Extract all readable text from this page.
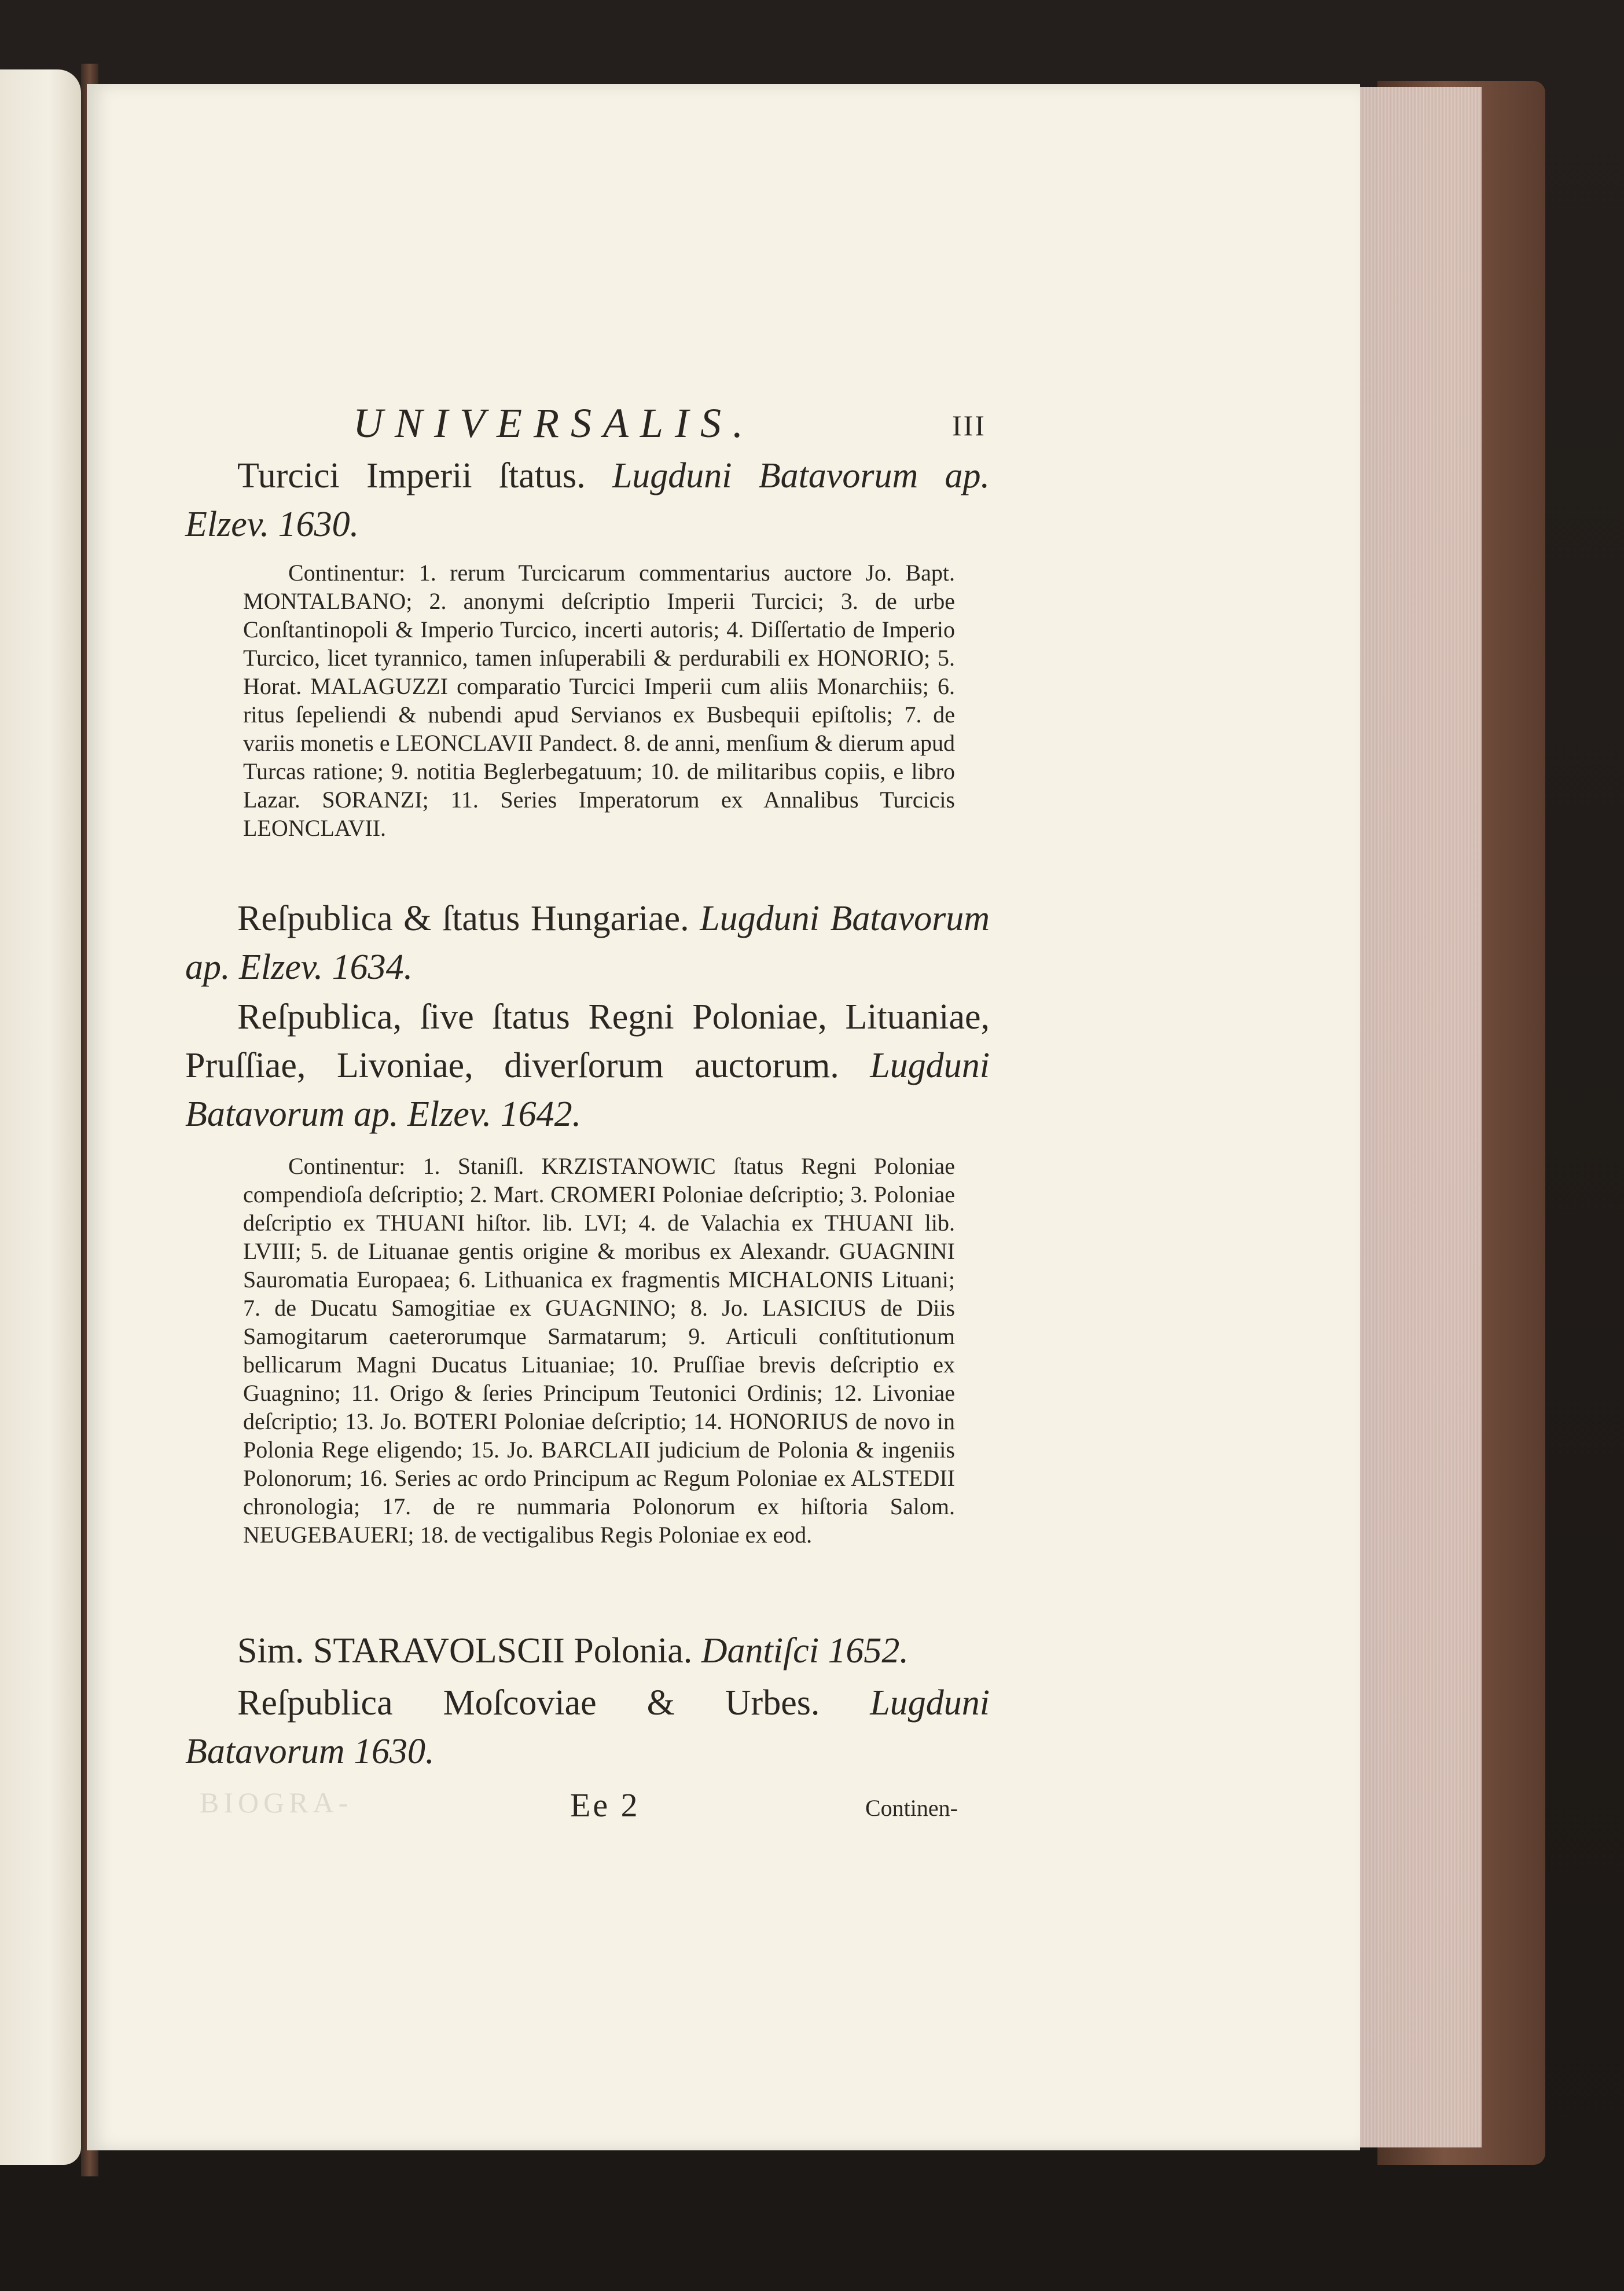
UNIVERSALIS.	III
Turcici Imperii ſtatus. Lugduni Batavorum ap. Elzev. 1630.
Continentur: 1. rerum Turcicarum commentarius auctore Jo. Bapt. MONTALBANO; 2. anonymi deſcriptio Imperii Turcici; 3. de urbe Conſtantinopoli & Imperio Turcico, incerti autoris; 4. Diſſertatio de Imperio Turcico, licet tyrannico, tamen inſuperabili & perdurabili ex HONORIO; 5. Horat. MALAGUZZI comparatio Turcici Imperii cum aliis Monarchiis; 6. ritus ſepeliendi & nubendi apud Servianos ex Busbequii epiſtolis; 7. de variis monetis e LEONCLAVII Pandect. 8. de anni, menſium & dierum apud Turcas ratione; 9. notitia Beglerbegatuum; 10. de militaribus copiis, e libro Lazar. SORANZI; 11. Series Imperatorum ex Annalibus Turcicis LEONCLAVII.
Reſpublica & ſtatus Hungariae. Lugduni Batavorum ap. Elzev. 1634.
Reſpublica, ſive ſtatus Regni Poloniae, Lituaniae, Pruſſiae, Livoniae, diverſorum auctorum. Lugduni Batavorum ap. Elzev. 1642.
Continentur: 1. Staniſl. KRZISTANOWIC ſtatus Regni Poloniae compendioſa deſcriptio; 2. Mart. CROMERI Poloniae deſcriptio; 3. Poloniae deſcriptio ex THUANI hiſtor. lib. LVI; 4. de Valachia ex THUANI lib. LVIII; 5. de Lituanae gentis origine & moribus ex Alexandr. GUAGNINI Sauromatia Europaea; 6. Lithuanica ex fragmentis MICHALONIS Lituani; 7. de Ducatu Samogitiae ex GUAGNINO; 8. Jo. LASICIUS de Diis Samogitarum caeterorumque Sarmatarum; 9. Articuli conſtitutionum bellicarum Magni Ducatus Lituaniae; 10. Pruſſiae brevis deſcriptio ex Guagnino; 11. Origo & ſeries Principum Teutonici Ordinis; 12. Livoniae deſcriptio; 13. Jo. BOTERI Poloniae deſcriptio; 14. HONORIUS de novo in Polonia Rege eligendo; 15. Jo. BARCLAII judicium de Polonia & ingeniis Polonorum; 16. Series ac ordo Principum ac Regum Poloniae ex ALSTEDII chronologia; 17. de re nummaria Polonorum ex hiſtoria Salom. NEUGEBAUERI; 18. de vectigalibus Regis Poloniae ex eod.
Sim. STARAVOLSCII Polonia. Dantiſci 1652.
Reſpublica Moſcoviae & Urbes. Lugduni Batavorum 1630.
BIOGRA-	Ee 2	Continen-
